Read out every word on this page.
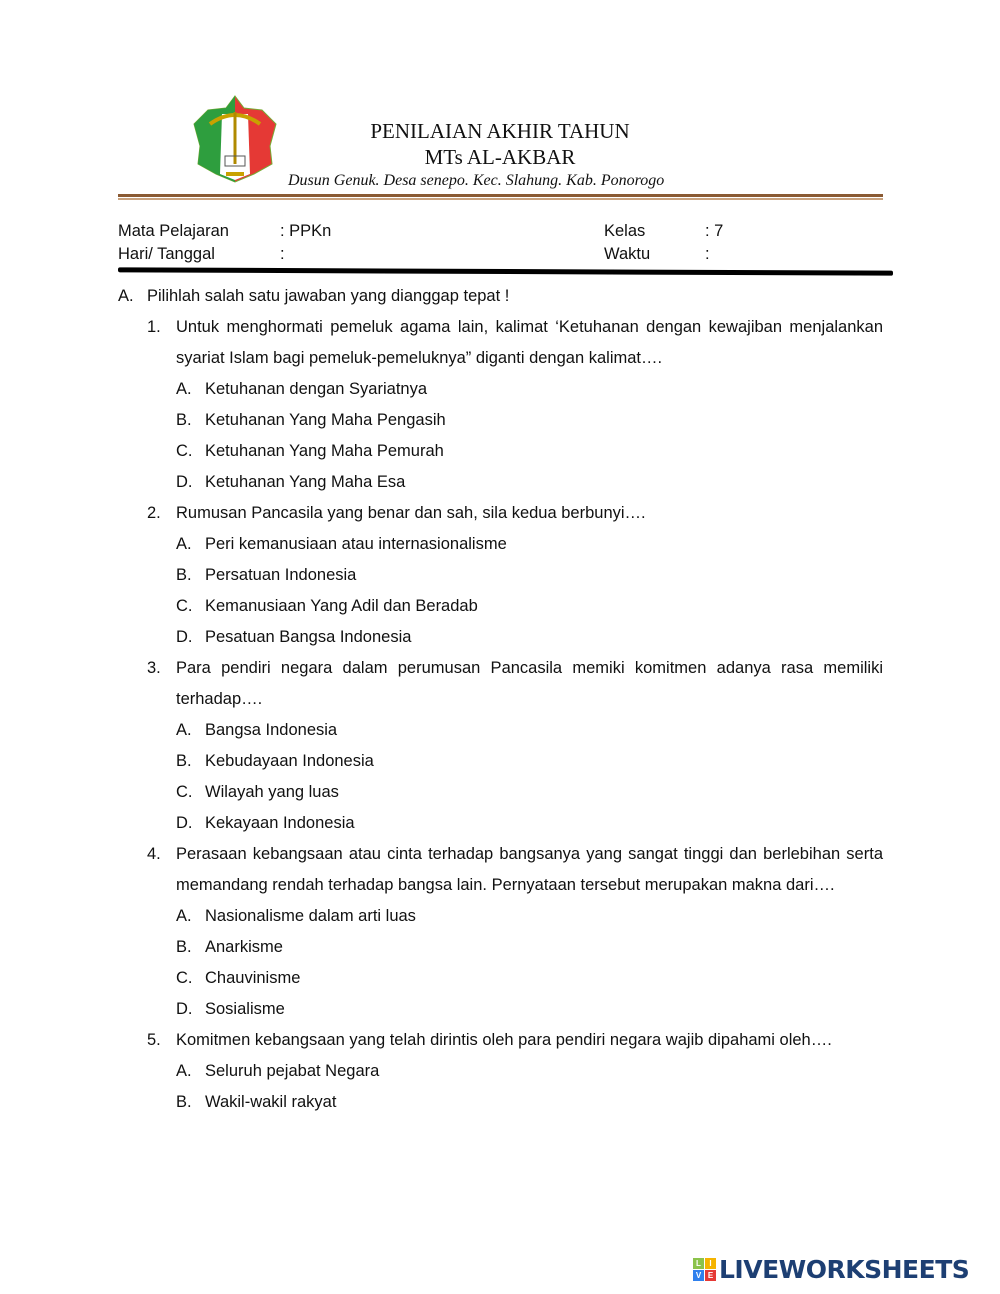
PENILAIAN AKHIR TAHUN
MTs AL-AKBAR
Dusun Genuk. Desa senepo. Kec. Slahung. Kab. Ponorogo
Mata Pelajaran	: PPKn
Hari/ Tanggal	:
Kelas	: 7
Waktu	:
A. Pilihlah salah satu jawaban yang dianggap tepat !
1. Untuk menghormati pemeluk agama lain, kalimat ‘Ketuhanan dengan kewajiban menjalankan syariat Islam bagi pemeluk-pemeluknya” diganti dengan kalimat….
A. Ketuhanan dengan Syariatnya
B. Ketuhanan Yang Maha Pengasih
C. Ketuhanan Yang Maha Pemurah
D. Ketuhanan Yang Maha Esa
2. Rumusan Pancasila yang benar dan sah, sila kedua berbunyi….
A. Peri kemanusiaan atau internasionalisme
B. Persatuan Indonesia
C. Kemanusiaan Yang Adil dan Beradab
D. Pesatuan Bangsa Indonesia
3. Para pendiri negara dalam perumusan Pancasila memiki komitmen adanya rasa memiliki terhadap….
A. Bangsa Indonesia
B. Kebudayaan Indonesia
C. Wilayah yang luas
D. Kekayaan Indonesia
4. Perasaan kebangsaan atau cinta terhadap bangsanya yang sangat tinggi dan berlebihan serta memandang rendah terhadap bangsa lain. Pernyataan tersebut merupakan makna dari….
A. Nasionalisme dalam arti luas
B. Anarkisme
C. Chauvinisme
D. Sosialisme
5. Komitmen kebangsaan yang telah dirintis oleh para pendiri negara wajib dipahami oleh….
A. Seluruh pejabat Negara
B. Wakil-wakil rakyat
L	I
V E LIVEWORKSHEETS
